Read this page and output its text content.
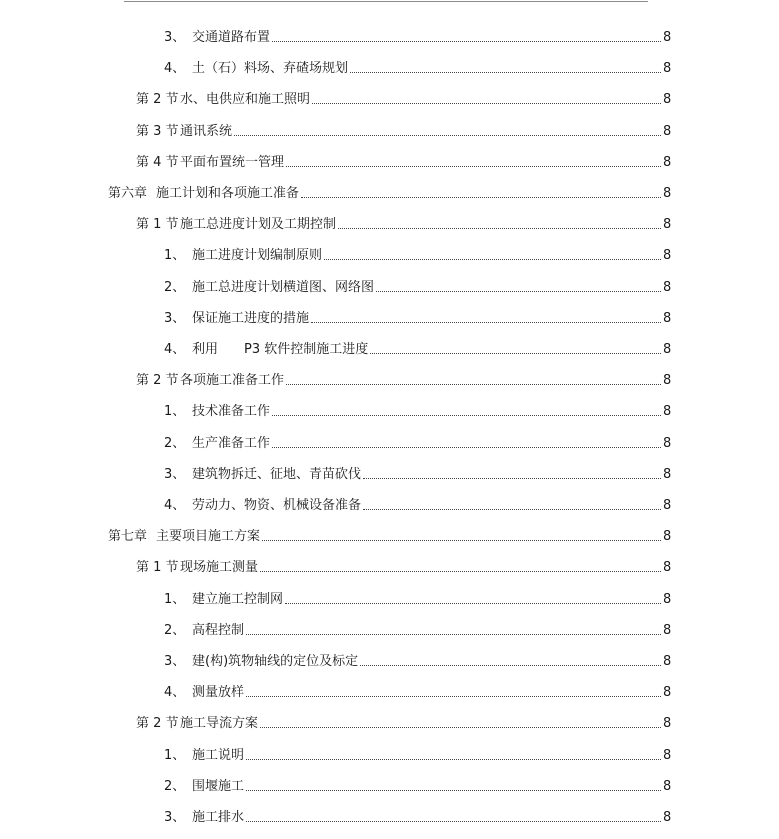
3、 交通道路布置	8
4、 土（石）料场、弃碴场规划	8
第 2 节水、电供应和施工照明	8
第 3 节通讯系统	8
第 4 节平面布置统一管理	8
第六章 施工计划和各项施工准备	8
第 1 节施工总进度计划及工期控制	8
1、 施工进度计划编制原则	8
2、 施工总进度计划横道图、网络图	8
3、 保证施工进度的措施	8
4、 利用　　P3 软件控制施工进度	8
第 2 节各项施工准备工作	8
1、 技术准备工作	8
2、 生产准备工作	8
3、 建筑物拆迁、征地、青苗砍伐	8
4、 劳动力、物资、机械设备准备	8
第七章 主要项目施工方案	8
第 1 节现场施工测量	8
1、 建立施工控制网	8
2、 高程控制	8
3、 建(构)筑物轴线的定位及标定	8
4、 测量放样	8
第 2 节施工导流方案	8
1、 施工说明	8
2、 围堰施工	8
3、 施工排水	8
